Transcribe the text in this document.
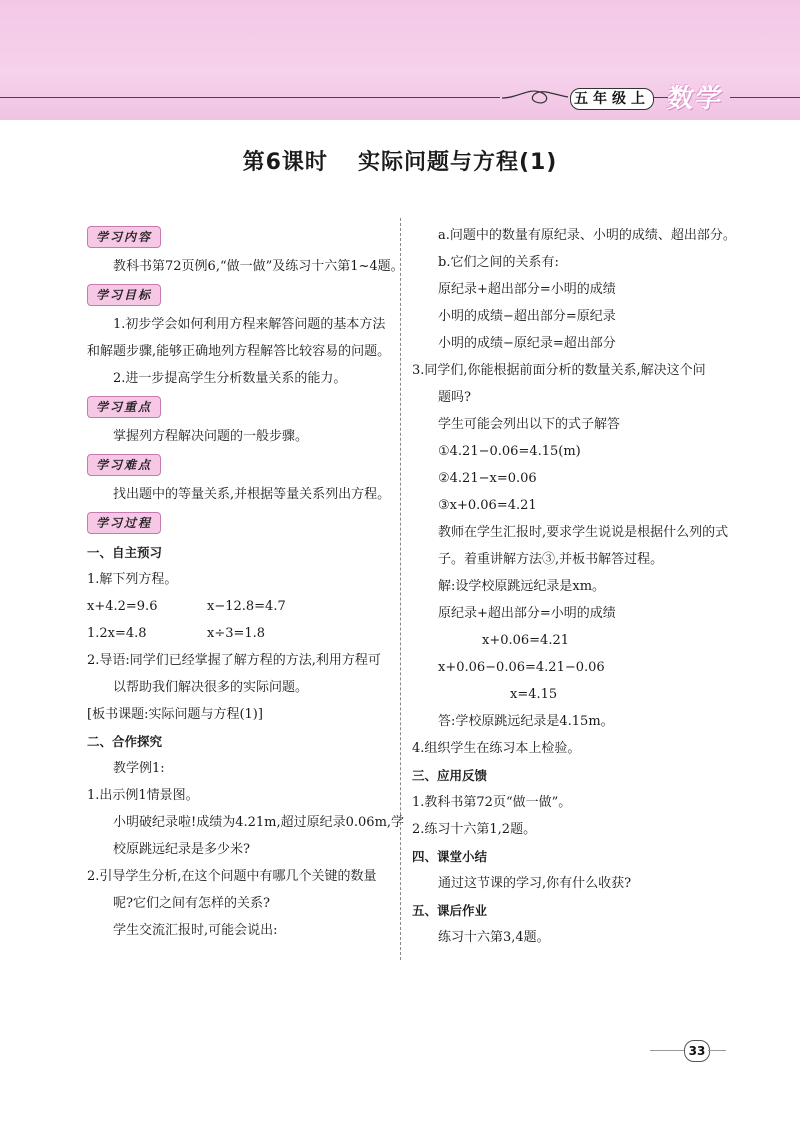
五年级上 数学
第6课时 实际问题与方程(1)
学习内容
教科书第72页例6,“做一做”及练习十六第1~4题。
学习目标
1.初步学会如何利用方程来解答问题的基本方法
和解题步骤,能够正确地列方程解答比较容易的问题。
2.进一步提高学生分析数量关系的能力。
学习重点
掌握列方程解决问题的一般步骤。
学习难点
找出题中的等量关系,并根据等量关系列出方程。
学习过程
一、自主预习
1.解下列方程。
x+4.2=9.6	x−12.8=4.7
1.2x=4.8	x÷3=1.8
2.导语:同学们已经掌握了解方程的方法,利用方程可
以帮助我们解决很多的实际问题。
[板书课题:实际问题与方程(1)]
二、合作探究
教学例1:
1.出示例1情景图。
小明破纪录啦!成绩为4.21m,超过原纪录0.06m,学
校原跳远纪录是多少米?
2.引导学生分析,在这个问题中有哪几个关键的数量
呢?它们之间有怎样的关系?
学生交流汇报时,可能会说出:
a.问题中的数量有原纪录、小明的成绩、超出部分。
b.它们之间的关系有:
原纪录+超出部分=小明的成绩
小明的成绩−超出部分=原纪录
小明的成绩−原纪录=超出部分
3.同学们,你能根据前面分析的数量关系,解决这个问
题吗?
学生可能会列出以下的式子解答
①4.21−0.06=4.15(m)
②4.21−x=0.06
③x+0.06=4.21
教师在学生汇报时,要求学生说说是根据什么列的式
子。着重讲解方法③,并板书解答过程。
解:设学校原跳远纪录是xm。
原纪录+超出部分=小明的成绩
x+0.06=4.21
x+0.06−0.06=4.21−0.06
x=4.15
答:学校原跳远纪录是4.15m。
4.组织学生在练习本上检验。
三、应用反馈
1.教科书第72页“做一做”。
2.练习十六第1,2题。
四、课堂小结
通过这节课的学习,你有什么收获?
五、课后作业
练习十六第3,4题。
33
